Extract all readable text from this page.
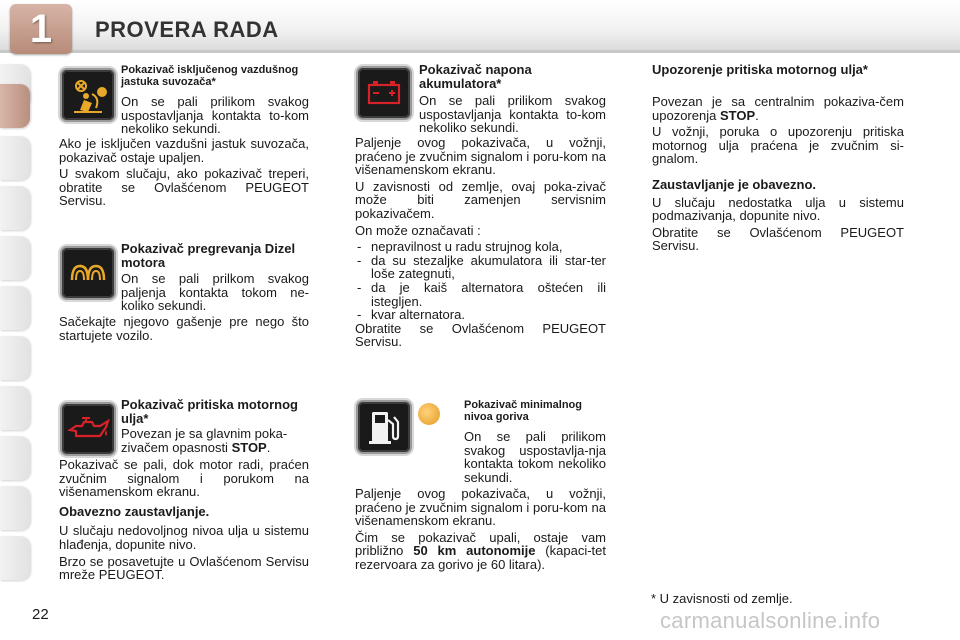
1	PROVERA RADA
Pokazivač isključenog vazdušnog jastuka suvozača*
On se pali prilikom svakog uspostavljanja kontakta to-kom nekoliko sekundi.

Ako je isključen vazdušni jastuk suvozača, pokazivač ostaje upaljen.

U svakom slučaju, ako pokazivač treperi, obratite se Ovlašćenom PEUGEOT Servisu.

Pokazivač pregrevanja Dizel motora
On se pali prilkom svakog paljenja kontakta tokom ne-koliko sekundi.
Sačekajte njegovo gašenje pre nego što startujete vozilo.
Pokazivač pritiska motornog ulja*
Povezan je sa glavnim poka-zivačem opasnosti STOP.

Pokazivač se pali, dok motor radi, praćen zvučnim signalom i porukom na višenamenskom ekranu.

Obavezno zaustavljanje.

U slučaju nedovoljnog nivoa ulja u sistemu hlađenja, dopunite nivo.

Brzo se posavetujte u Ovlašćenom Servisu mreže PEUGEOT.

Pokazivač napona akumulatora*
On se pali prilikom svakog uspostavljanja kontakta to-kom nekoliko sekundi.

Paljenje ovog pokazivača, u vožnji, praćeno je zvučnim signalom i poru-kom na višenamenskom ekranu.

U zavisnosti od zemlje, ovaj poka-zivač može biti zamenjen servisnim pokazivačem.

On može označavati :

- nepravilnost u radu strujnog kola,
- da su stezaljke akumulatora ili star-ter loše zategnuti,
- da je kaiš alternatora oštećen ili istegljen.
- kvar alternatora.

Obratite se Ovlašćenom PEUGEOT Servisu.

Pokazivač minimalnog nivoa goriva
On se pali prilikom svakog uspostavlja-nja kontakta tokom nekoliko sekundi.

Paljenje ovog pokazivača, u vožnji, praćeno je zvučnim signalom i poru-kom na višenamenskom ekranu.

Čim se pokazivač upali, ostaje vam približno 50 km autonomije (kapaci-tet rezervoara za gorivo je 60 litara).

Upozorenje pritiska motornog ulja*

Povezan je sa centralnim pokaziva-čem upozorenja STOP.

U vožnji, poruka o upozorenju pritiska motornog ulja praćena je zvučnim si-gnalom.

Zaustavljanje je obavezno.

U slučaju nedostatka ulja u sistemu podmazivanja, dopunite nivo.

Obratite se Ovlašćenom PEUGEOT Servisu.

* U zavisnosti od zemlje.
22	carmanualsonline.info
